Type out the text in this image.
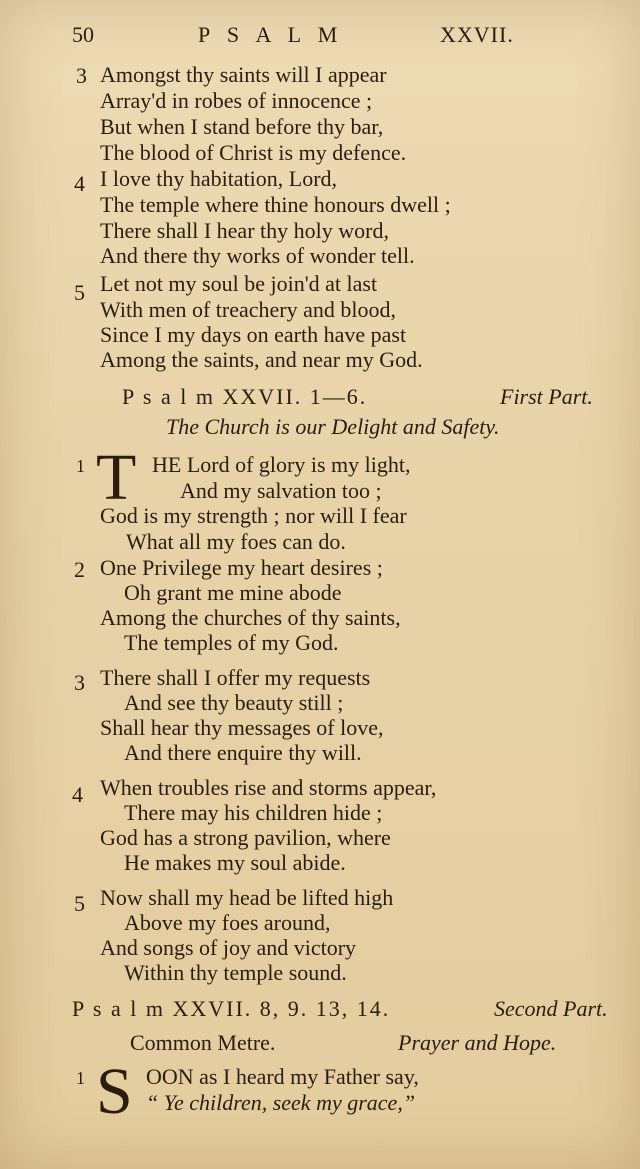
50	P S A L M	XXVII.
3 Amongst thy saints will I appear
Array'd in robes of innocence ;
But when I stand before thy bar,
The blood of Christ is my defence.
4 I love thy habitation, Lord,
The temple where thine honours dwell ;
There shall I hear thy holy word,
And there thy works of wonder tell.
5 Let not my soul be join'd at last
With men of treachery and blood,
Since I my days on earth have past
Among the saints, and near my God.
P s a l m XXVII. 1—6.	First Part.
The Church is our Delight and Safety.
1 T HE Lord of glory is my light,
And my salvation too ;
God is my strength ; nor will I fear
What all my foes can do.
2 One Privilege my heart desires ;
Oh grant me mine abode
Among the churches of thy saints,
The temples of my God.
3 There shall I offer my requests
And see thy beauty still ;
Shall hear thy messages of love,
And there enquire thy will.
4 When troubles rise and storms appear,
There may his children hide ;
God has a strong pavilion, where
He makes my soul abide.
5 Now shall my head be lifted high
Above my foes around,
And songs of joy and victory
Within thy temple sound.
P s a l m XXVII. 8, 9. 13, 14.	Second Part.
Common Metre.	Prayer and Hope.
1 S OON as I heard my Father say,
“ Ye children, seek my grace,”
